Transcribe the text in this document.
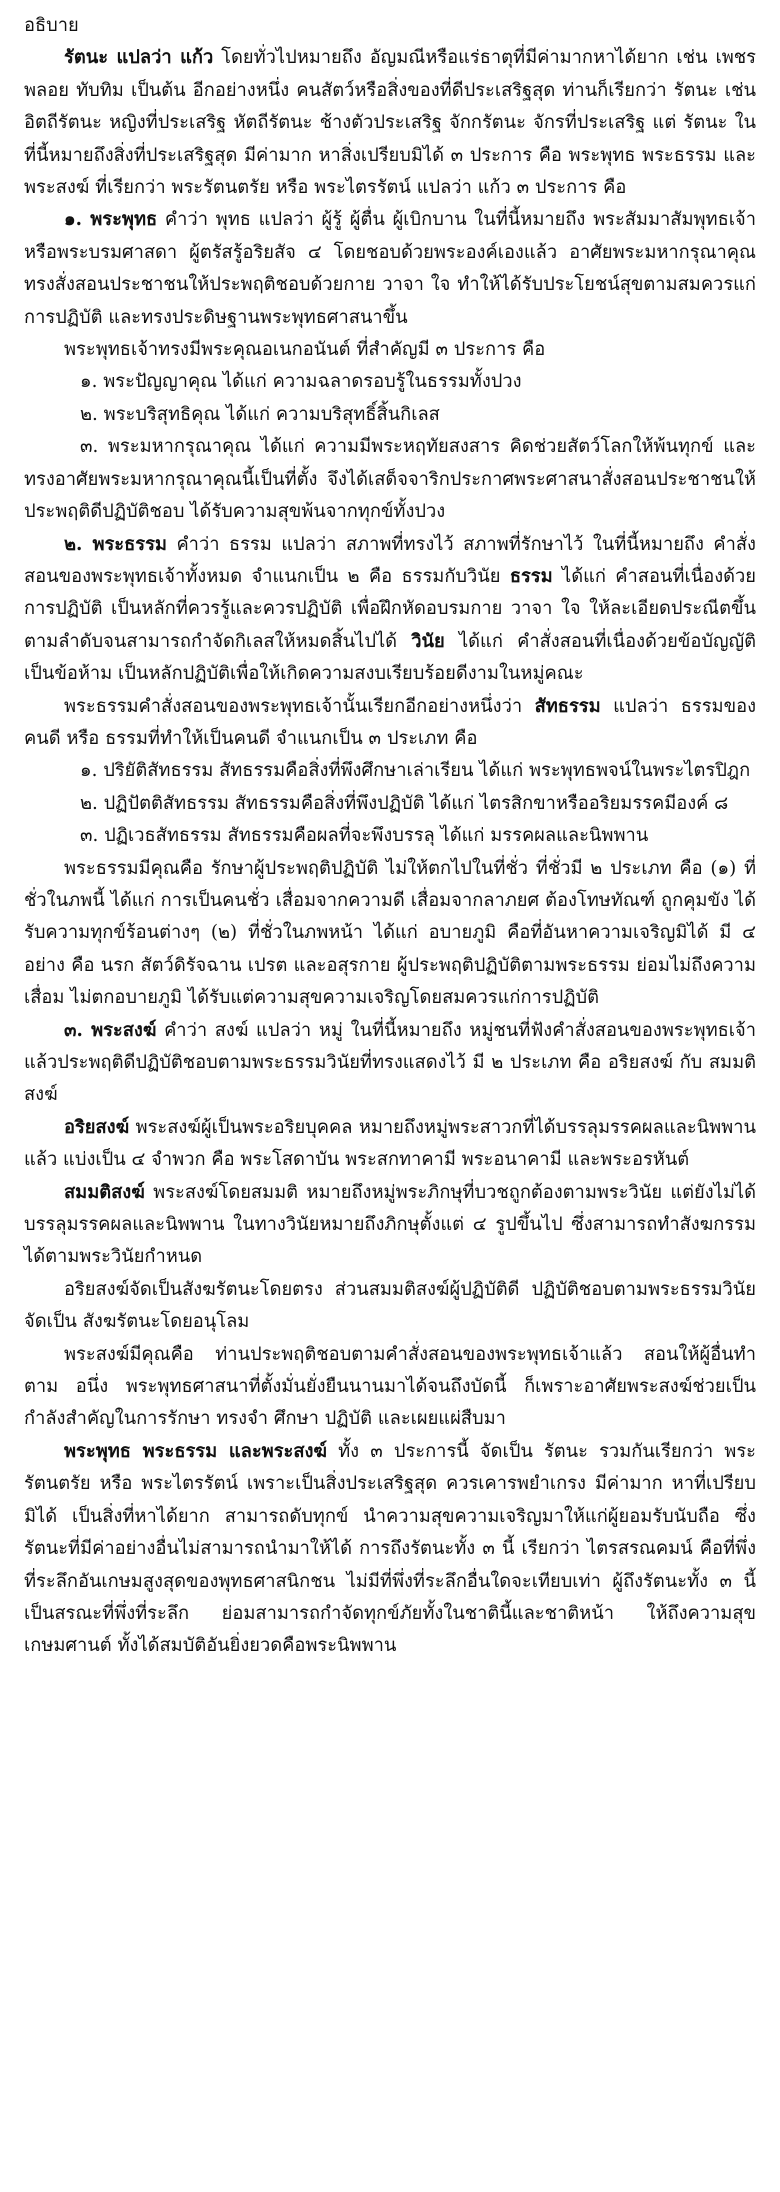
อธิบาย

รัตนะ แปลว่า แก้ว โดยทั่วไปหมายถึง อัญมณีหรือแร่ธาตุที่มีค่ามากหาได้ยาก เช่น เพชร พลอย ทับทิม เป็นต้น อีกอย่างหนึ่ง คนสัตว์หรือสิ่งของที่ดีประเสริฐสุด ท่านก็เรียกว่า รัตนะ เช่น อิตถีรัตนะ หญิงที่ประเสริฐ หัตถีรัตนะ ช้างตัวประเสริฐ จักกรัตนะ จักรที่ประเสริฐ แต่ รัตนะ ในที่นี้หมายถึงสิ่งที่ประเสริฐสุด มีค่ามาก หาสิ่งเปรียบมิได้ ๓ ประการ คือ พระพุทธ พระธรรม และพระสงฆ์ ที่เรียกว่า พระรัตนตรัย หรือ พระไตรรัตน์ แปลว่า แก้ว ๓ ประการ คือ

๑. พระพุทธ คำว่า พุทธ แปลว่า ผู้รู้ ผู้ตื่น ผู้เบิกบาน ในที่นี้หมายถึง พระสัมมาสัมพุทธเจ้าหรือพระบรมศาสดา ผู้ตรัสรู้อริยสัจ ๔ โดยชอบด้วยพระองค์เองแล้ว อาศัยพระมหากรุณาคุณทรงสั่งสอนประชาชนให้ประพฤติชอบด้วยกาย วาจา ใจ ทำให้ได้รับประโยชน์สุขตามสมควรแก่การปฏิบัติ และทรงประดิษฐานพระพุทธศาสนาขึ้น

พระพุทธเจ้าทรงมีพระคุณอเนกอนันต์ ที่สำคัญมี ๓ ประการ คือ

๑. พระปัญญาคุณ ได้แก่ ความฉลาดรอบรู้ในธรรมทั้งปวง

๒. พระบริสุทธิคุณ ได้แก่ ความบริสุทธิ์สิ้นกิเลส

๓. พระมหากรุณาคุณ ได้แก่ ความมีพระหฤทัยสงสาร คิดช่วยสัตว์โลกให้พ้นทุกข์ และทรงอาศัยพระมหากรุณาคุณนี้เป็นที่ตั้ง จึงได้เสด็จจาริกประกาศพระศาสนาสั่งสอนประชาชนให้ประพฤติดีปฏิบัติชอบ ได้รับความสุขพ้นจากทุกข์ทั้งปวง

๒. พระธรรม คำว่า ธรรม แปลว่า สภาพที่ทรงไว้ สภาพที่รักษาไว้ ในที่นี้หมายถึง คำสั่งสอนของพระพุทธเจ้าทั้งหมด จำแนกเป็น ๒ คือ ธรรมกับวินัย ธรรม ได้แก่ คำสอนที่เนื่องด้วยการปฏิบัติ เป็นหลักที่ควรรู้และควรปฏิบัติ เพื่อฝึกหัดอบรมกาย วาจา ใจ ให้ละเอียดประณีตขึ้นตามลำดับจนสามารถกำจัดกิเลสให้หมดสิ้นไปได้ วินัย ได้แก่ คำสั่งสอนที่เนื่องด้วยข้อบัญญัติ เป็นข้อห้าม เป็นหลักปฏิบัติเพื่อให้เกิดความสงบเรียบร้อยดีงามในหมู่คณะ

พระธรรมคำสั่งสอนของพระพุทธเจ้านั้นเรียกอีกอย่างหนึ่งว่า สัทธรรม แปลว่า ธรรมของคนดี หรือ ธรรมที่ทำให้เป็นคนดี จำแนกเป็น ๓ ประเภท คือ

๑. ปริยัติสัทธรรม สัทธรรมคือสิ่งที่พึงศึกษาเล่าเรียน ได้แก่ พระพุทธพจน์ในพระไตรปิฎก

๒. ปฏิปัตติสัทธรรม สัทธรรมคือสิ่งที่พึงปฏิบัติ ได้แก่ ไตรสิกขาหรืออริยมรรคมีองค์ ๘

๓. ปฏิเวธสัทธรรม สัทธรรมคือผลที่จะพึงบรรลุ ได้แก่ มรรคผลและนิพพาน

พระธรรมมีคุณคือ รักษาผู้ประพฤติปฏิบัติ ไม่ให้ตกไปในที่ชั่ว ที่ชั่วมี ๒ ประเภท คือ (๑) ที่ชั่วในภพนี้ ได้แก่ การเป็นคนชั่ว เสื่อมจากความดี เสื่อมจากลาภยศ ต้องโทษทัณฑ์ ถูกคุมขัง ได้รับความทุกข์ร้อนต่างๆ (๒) ที่ชั่วในภพหน้า ได้แก่ อบายภูมิ คือที่อันหาความเจริญมิได้ มี ๔ อย่าง คือ นรก สัตว์ดิรัจฉาน เปรต และอสุรกาย ผู้ประพฤติปฏิบัติตามพระธรรม ย่อมไม่ถึงความเสื่อม ไม่ตกอบายภูมิ ได้รับแต่ความสุขความเจริญโดยสมควรแก่การปฏิบัติ

๓. พระสงฆ์ คำว่า สงฆ์ แปลว่า หมู่ ในที่นี้หมายถึง หมู่ชนที่ฟังคำสั่งสอนของพระพุทธเจ้าแล้วประพฤติดีปฏิบัติชอบตามพระธรรมวินัยที่ทรงแสดงไว้ มี ๒ ประเภท คือ อริยสงฆ์ กับ สมมติสงฆ์

อริยสงฆ์ พระสงฆ์ผู้เป็นพระอริยบุคคล หมายถึงหมู่พระสาวกที่ได้บรรลุมรรคผลและนิพพานแล้ว แบ่งเป็น ๔ จำพวก คือ พระโสดาบัน พระสกทาคามี พระอนาคามี และพระอรหันต์

สมมติสงฆ์ พระสงฆ์โดยสมมติ หมายถึงหมู่พระภิกษุที่บวชถูกต้องตามพระวินัย แต่ยังไม่ได้บรรลุมรรคผลและนิพพาน ในทางวินัยหมายถึงภิกษุตั้งแต่ ๔ รูปขึ้นไป ซึ่งสามารถทำสังฆกรรมได้ตามพระวินัยกำหนด

อริยสงฆ์จัดเป็นสังฆรัตนะโดยตรง ส่วนสมมติสงฆ์ผู้ปฏิบัติดี ปฏิบัติชอบตามพระธรรมวินัย จัดเป็น สังฆรัตนะโดยอนุโลม

พระสงฆ์มีคุณคือ ท่านประพฤติชอบตามคำสั่งสอนของพระพุทธเจ้าแล้ว สอนให้ผู้อื่นทำตาม อนึ่ง พระพุทธศาสนาที่ตั้งมั่นยั่งยืนนานมาได้จนถึงบัดนี้ ก็เพราะอาศัยพระสงฆ์ช่วยเป็นกำลังสำคัญในการรักษา ทรงจำ ศึกษา ปฏิบัติ และเผยแผ่สืบมา

พระพุทธ พระธรรม และพระสงฆ์ ทั้ง ๓ ประการนี้ จัดเป็น รัตนะ รวมกันเรียกว่า พระรัตนตรัย หรือ พระไตรรัตน์ เพราะเป็นสิ่งประเสริฐสุด ควรเคารพยำเกรง มีค่ามาก หาที่เปรียบมิได้ เป็นสิ่งที่หาได้ยาก สามารถดับทุกข์ นำความสุขความเจริญมาให้แก่ผู้ยอมรับนับถือ ซึ่งรัตนะที่มีค่าอย่างอื่นไม่สามารถนำมาให้ได้ การถึงรัตนะทั้ง ๓ นี้ เรียกว่า ไตรสรณคมน์ คือที่พึ่งที่ระลึกอันเกษมสูงสุดของพุทธศาสนิกชน ไม่มีที่พึ่งที่ระลึกอื่นใดจะเทียบเท่า ผู้ถึงรัตนะทั้ง ๓ นี้เป็นสรณะที่พึ่งที่ระลึก ย่อมสามารถกำจัดทุกข์ภัยทั้งในชาตินี้และชาติหน้า ให้ถึงความสุขเกษมศานต์ ทั้งได้สมบัติอันยิ่งยวดคือพระนิพพาน
